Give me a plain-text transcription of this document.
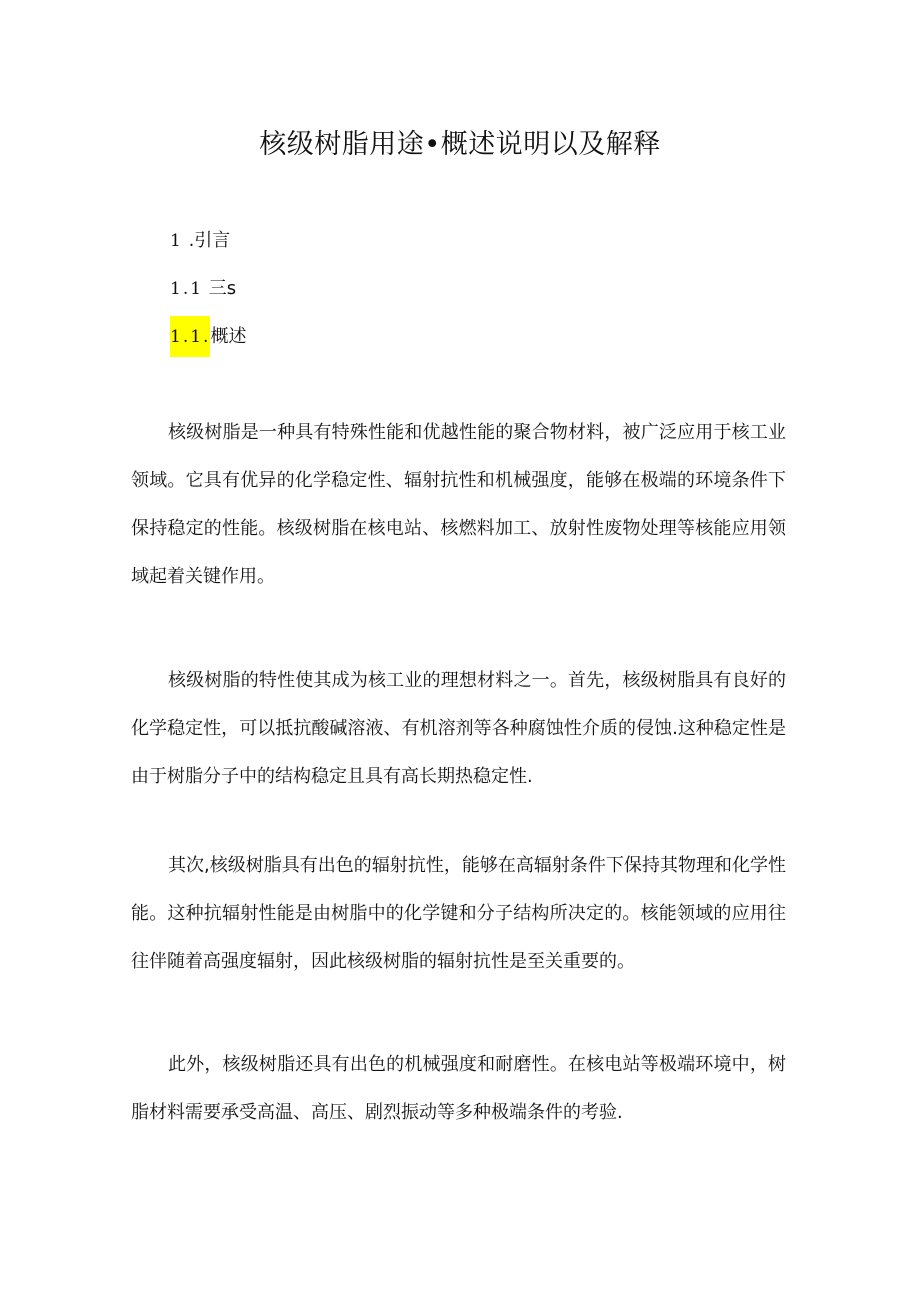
核级树脂用途•概述说明以及解释
1 .引言
1.1 三s
1.1.概述

核级树脂是一种具有特殊性能和优越性能的聚合物材料，被广泛应用于核工业领域。它具有优异的化学稳定性、辐射抗性和机械强度，能够在极端的环境条件下保持稳定的性能。核级树脂在核电站、核燃料加工、放射性废物处理等核能应用领域起着关键作用。

核级树脂的特性使其成为核工业的理想材料之一。首先，核级树脂具有良好的化学稳定性，可以抵抗酸碱溶液、有机溶剂等各种腐蚀性介质的侵蚀.这种稳定性是由于树脂分子中的结构稳定且具有高长期热稳定性.

其次,核级树脂具有出色的辐射抗性，能够在高辐射条件下保持其物理和化学性能。这种抗辐射性能是由树脂中的化学键和分子结构所决定的。核能领域的应用往往伴随着高强度辐射，因此核级树脂的辐射抗性是至关重要的。

此外，核级树脂还具有出色的机械强度和耐磨性。在核电站等极端环境中，树脂材料需要承受高温、高压、剧烈振动等多种极端条件的考验.
